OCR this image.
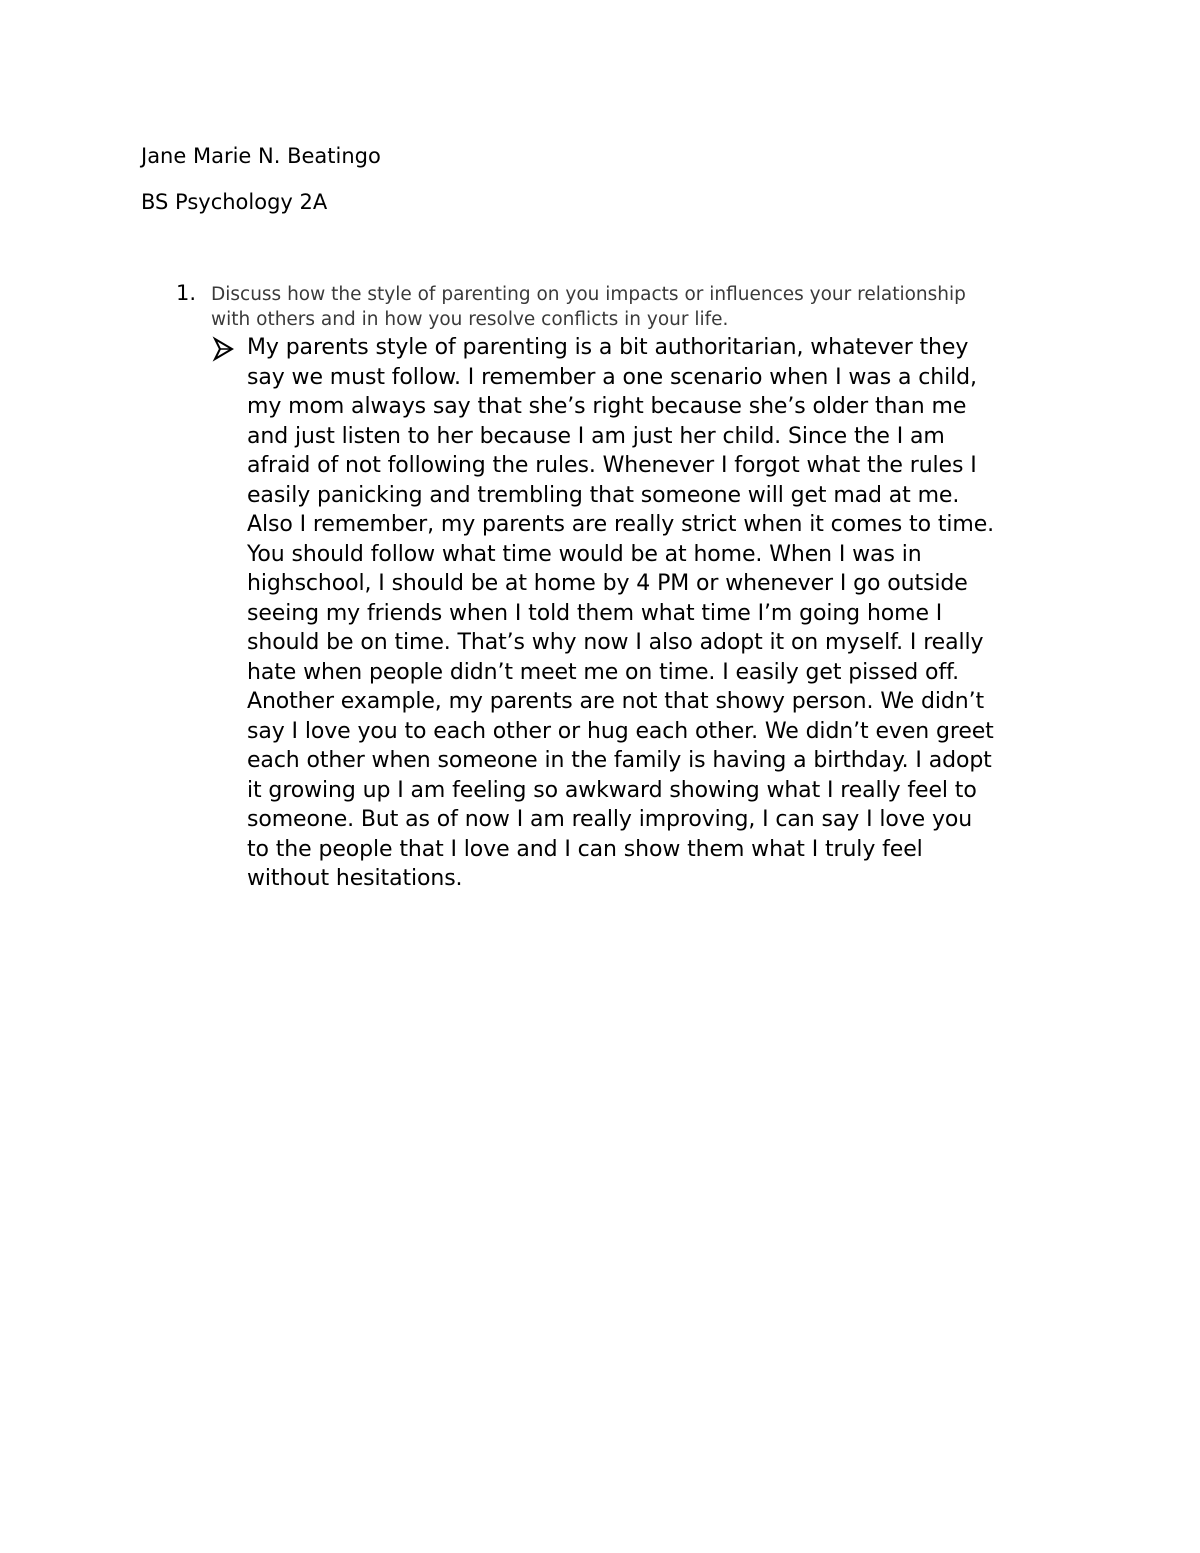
Jane Marie N. Beatingo
BS Psychology 2A
1. Discuss how the style of parenting on you impacts or influences your relationship with others and in how you resolve conflicts in your life.
My parents style of parenting is a bit authoritarian, whatever they
say we must follow. I remember a one scenario when I was a child,
my mom always say that she’s right because she’s older than me
and just listen to her because I am just her child. Since the I am
afraid of not following the rules. Whenever I forgot what the rules I
easily panicking and trembling that someone will get mad at me.
Also I remember, my parents are really strict when it comes to time.
You should follow what time would be at home. When I was in
highschool, I should be at home by 4 PM or whenever I go outside
seeing my friends when I told them what time I’m going home I
should be on time. That’s why now I also adopt it on myself. I really
hate when people didn’t meet me on time. I easily get pissed off.
Another example, my parents are not that showy person. We didn’t
say I love you to each other or hug each other. We didn’t even greet
each other when someone in the family is having a birthday. I adopt
it growing up I am feeling so awkward showing what I really feel to
someone. But as of now I am really improving, I can say I love you
to the people that I love and I can show them what I truly feel
without hesitations.
